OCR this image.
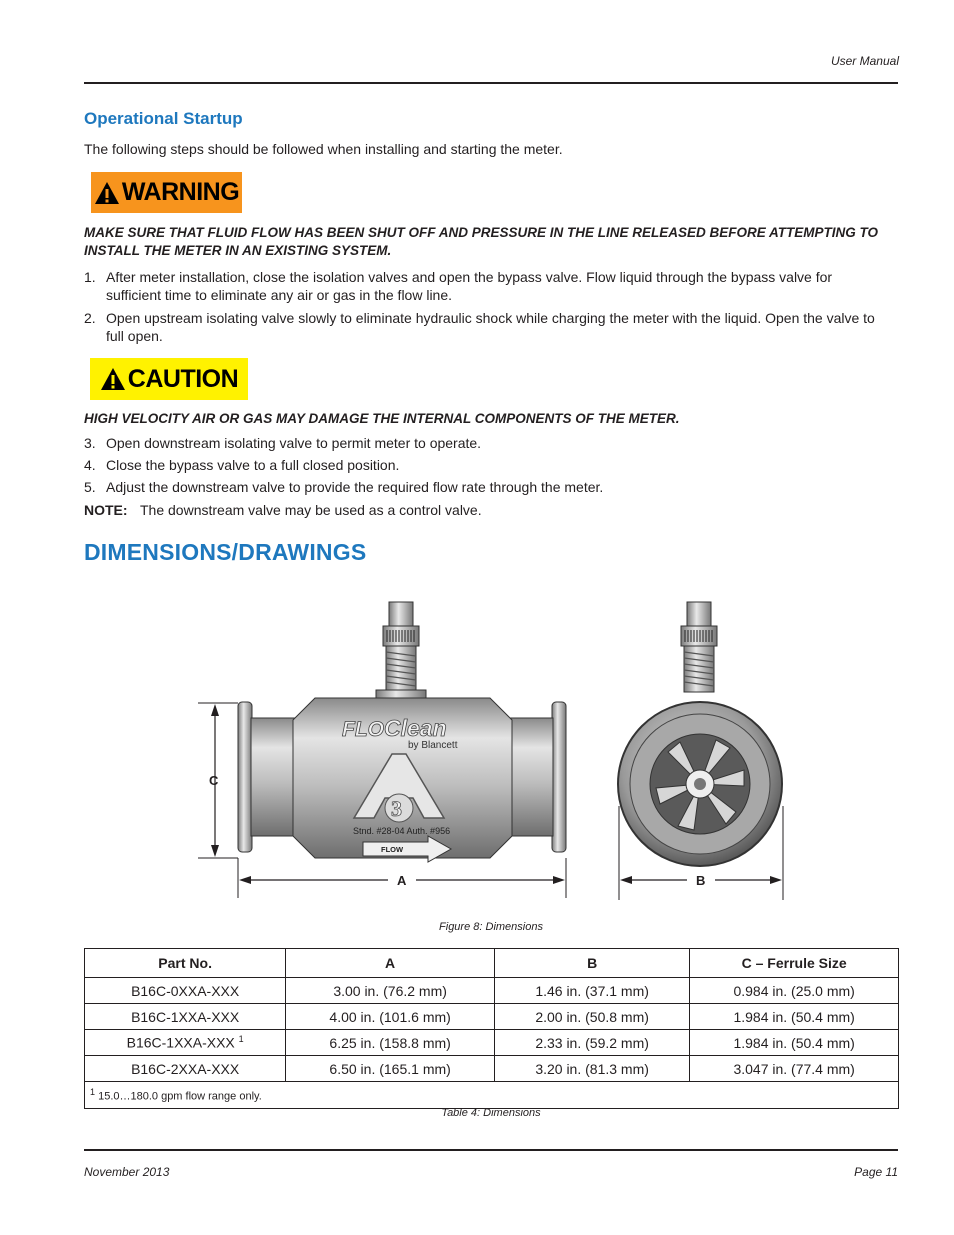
User Manual
Operational Startup
The following steps should be followed when installing and starting the meter.
WARNING
MAKE SURE THAT FLUID FLOW HAS BEEN SHUT OFF AND PRESSURE IN THE LINE RELEASED BEFORE ATTEMPTING TO INSTALL THE METER IN AN EXISTING SYSTEM.
1. After meter installation, close the isolation valves and open the bypass valve. Flow liquid through the bypass valve for sufficient time to eliminate any air or gas in the flow line.
2. Open upstream isolating valve slowly to eliminate hydraulic shock while charging the meter with the liquid. Open the valve to full open.
CAUTION
HIGH VELOCITY AIR OR GAS MAY DAMAGE THE INTERNAL COMPONENTS OF THE METER.
3. Open downstream isolating valve to permit meter to operate.
4. Close the bypass valve to a full closed position.
5. Adjust the downstream valve to provide the required flow rate through the meter.
NOTE: The downstream valve may be used as a control valve.
DIMENSIONS/DRAWINGS
FLO Clean
by Blancett
3
Stnd. #28-04 Auth. #956
FLOW
C
A	B
Figure 8: Dimensions
Part No.	A	B	C – Ferrule Size
B16C-0XXA-XXX	3.00 in. (76.2 mm)	1.46 in. (37.1 mm)	0.984 in. (25.0 mm)
B16C-1XXA-XXX	4.00 in. (101.6 mm)	2.00 in. (50.8 mm)	1.984 in. (50.4 mm)
B16C-1XXA-XXX $^1$	6.25 in. (158.8 mm)	2.33 in. (59.2 mm)	1.984 in. (50.4 mm)
B16C-2XXA-XXX	6.50 in. (165.1 mm)	3.20 in. (81.3 mm)	3.047 in. (77.4 mm)
$^1$ 15.0…180.0 gpm flow range only.			
Table 4: Dimensions
November 2013	Page 11
